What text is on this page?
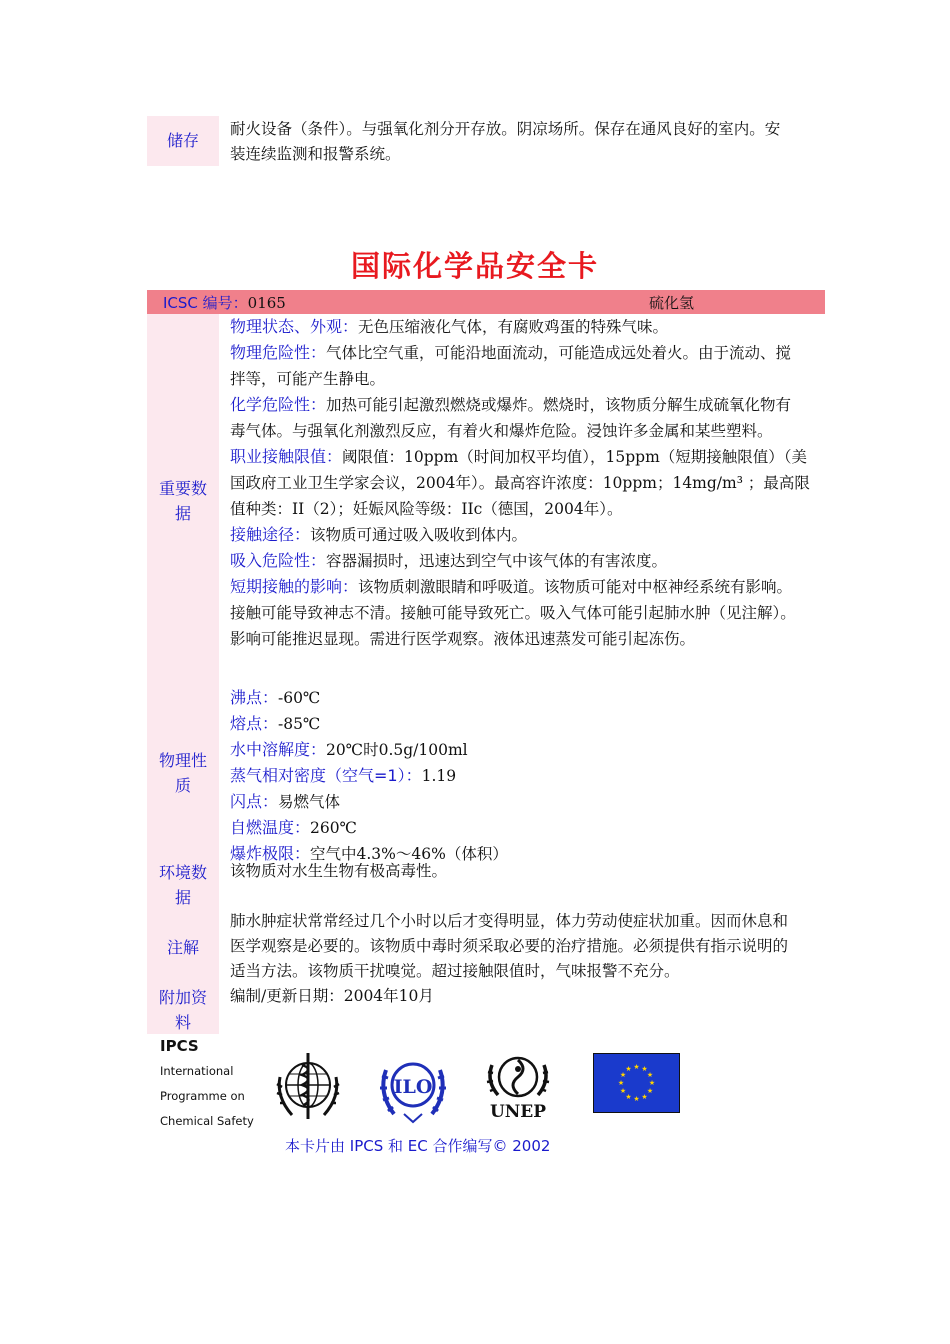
储存
耐火设备（条件）。与强氧化剂分开存放。阴凉场所。保存在通风良好的室内。安
装连续监测和报警系统。
国际化学品安全卡
ICSC 编号：0165	硫化氢
重要数
据
物理性
质
环境数
据
注解
附加资
料
物理状态、外观：无色压缩液化气体，有腐败鸡蛋的特殊气味。
物理危险性：气体比空气重，可能沿地面流动，可能造成远处着火。由于流动、搅
拌等，可能产生静电。
化学危险性：加热可能引起激烈燃烧或爆炸。燃烧时，该物质分解生成硫氧化物有
毒气体。与强氧化剂激烈反应，有着火和爆炸危险。浸蚀许多金属和某些塑料。
职业接触限值：阈限值：10ppm（时间加权平均值），15ppm（短期接触限值）（美
国政府工业卫生学家会议，2004年）。最高容许浓度：10ppm；14mg/m³ ；最高限
值种类：II（2）；妊娠风险等级：IIc（德国，2004年）。
接触途径：该物质可通过吸入吸收到体内。
吸入危险性：容器漏损时，迅速达到空气中该气体的有害浓度。
短期接触的影响：该物质刺激眼睛和呼吸道。该物质可能对中枢神经系统有影响。
接触可能导致神志不清。接触可能导致死亡。吸入气体可能引起肺水肿（见注解）。
影响可能推迟显现。需进行医学观察。液体迅速蒸发可能引起冻伤。
沸点：-60℃
熔点：-85℃
水中溶解度：20℃时0.5g/100ml
蒸气相对密度（空气=1）：1.19
闪点：易燃气体
自燃温度：260℃
爆炸极限：空气中4.3%～46%（体积）
该物质对水生生物有极高毒性。
肺水肿症状常常经过几个小时以后才变得明显，体力劳动使症状加重。因而休息和
医学观察是必要的。该物质中毒时须采取必要的治疗措施。必须提供有指示说明的
适当方法。该物质干扰嗅觉。超过接触限值时，气味报警不充分。
编制/更新日期：2004年10月
IPCS
International
Programme on
Chemical Safety
ILO
UNEP
★ ★
★
★
★
★
★
★
★
★
★
★
本卡片由 IPCS 和 EC 合作编写© 2002
